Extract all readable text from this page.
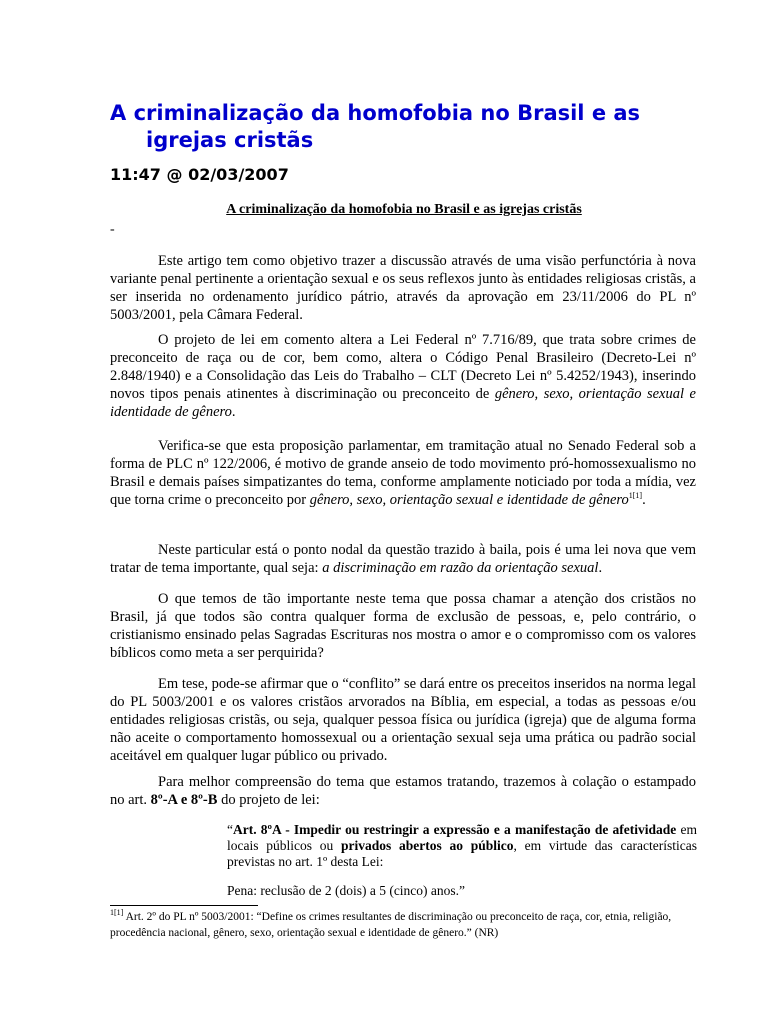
A criminalização da homofobia no Brasil e as
igrejas cristãs
11:47 @ 02/03/2007
A criminalização da homofobia no Brasil e as igrejas cristãs
-

Este artigo tem como objetivo trazer a discussão através de uma visão perfunctória à nova variante penal pertinente a orientação sexual e os seus reflexos junto às entidades religiosas cristãs, a ser inserida no ordenamento jurídico pátrio, através da aprovação em 23/11/2006 do PL nº 5003/2001, pela Câmara Federal.

O projeto de lei em comento altera a Lei Federal nº 7.716/89, que trata sobre crimes de preconceito de raça ou de cor, bem como, altera o Código Penal Brasileiro (Decreto-Lei nº 2.848/1940) e a Consolidação das Leis do Trabalho – CLT (Decreto Lei nº 5.4252/1943), inserindo novos tipos penais atinentes à discriminação ou preconceito de gênero, sexo, orientação sexual e identidade de gênero.

Verifica-se que esta proposição parlamentar, em tramitação atual no Senado Federal sob a forma de PLC nº 122/2006, é motivo de grande anseio de todo movimento pró-homossexualismo no Brasil e demais países simpatizantes do tema, conforme amplamente noticiado por toda a mídia, vez que torna crime o preconceito por gênero, sexo, orientação sexual e identidade de gênero$^{1[1]}$.

Neste particular está o ponto nodal da questão trazido à baila, pois é uma lei nova que vem tratar de tema importante, qual seja: a discriminação em razão da orientação sexual.

O que temos de tão importante neste tema que possa chamar a atenção dos cristãos no Brasil, já que todos são contra qualquer forma de exclusão de pessoas, e, pelo contrário, o cristianismo ensinado pelas Sagradas Escrituras nos mostra o amor e o compromisso com os valores bíblicos como meta a ser perquirida?

Em tese, pode-se afirmar que o “conflito” se dará entre os preceitos inseridos na norma legal do PL 5003/2001 e os valores cristãos arvorados na Bíblia, em especial, a todas as pessoas e/ou entidades religiosas cristãs, ou seja, qualquer pessoa física ou jurídica (igreja) que de alguma forma não aceite o comportamento homossexual ou a orientação sexual seja uma prática ou padrão social aceitável em qualquer lugar público ou privado.

Para melhor compreensão do tema que estamos tratando, trazemos à colação o estampado no art. 8º-A e 8º-B do projeto de lei:

“Art. 8ºA - Impedir ou restringir a expressão e a manifestação de afetividade em locais públicos ou privados abertos ao público, em virtude das características previstas no art. 1º desta Lei:

Pena: reclusão de 2 (dois) a 5 (cinco) anos.”

$^{1[1]}$ Art. 2º do PL nº 5003/2001: “Define os crimes resultantes de discriminação ou preconceito de raça, cor, etnia, religião, procedência nacional, gênero, sexo, orientação sexual e identidade de gênero.” (NR)
